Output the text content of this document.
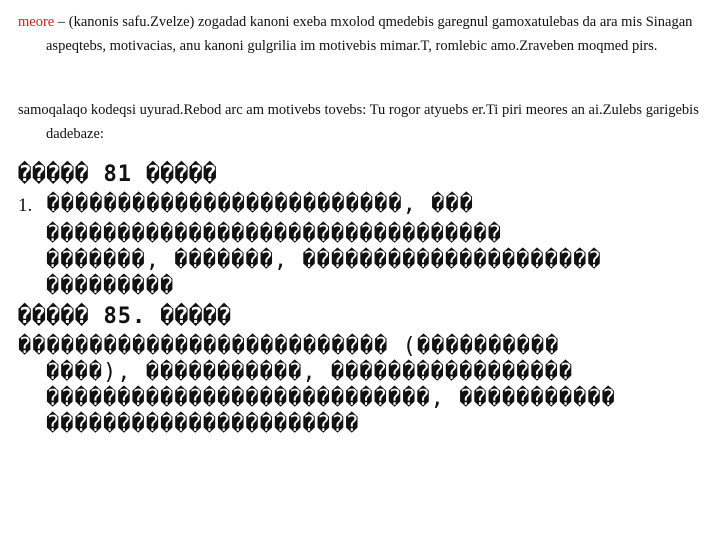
meore – (kanonis safu.Zvelze) zogadad kanoni exeba mxolod qmedebis garegnul gamoxatulebas da ara mis Sinagan aspeqtebs, motivacias, anu kanoni gulgrilia im motivebis mimar.T, romlebic amo.Zraveben moqmed pirs.
samoqalaqo kodeqsi uyurad.Rebod arc am motivebs tovebs: Tu rogor atyuebs er.Ti piri meores an ai.Zulebs garigebis dadebaze:
����� 81 �����
1. �������������������������, ���
��������������������������������
�������, �������, ���������������������
���������
����� 85. �����
�������������������������� (����������
����), �����������, �����������������
���������������������������, �����������
����������������������
